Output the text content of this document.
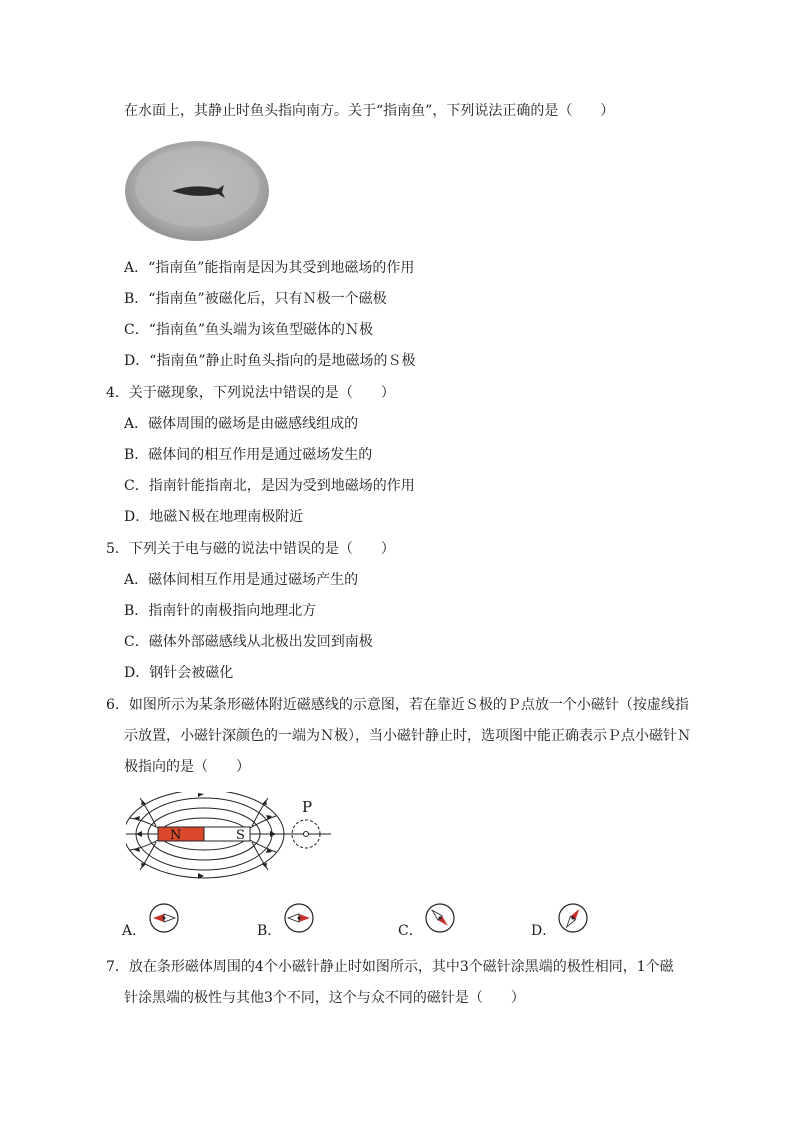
在水面上，其静止时鱼头指向南方。关于“指南鱼”，下列说法正确的是（　　）
A．“指南鱼”能指南是因为其受到地磁场的作用
B．“指南鱼”被磁化后，只有Ｎ极一个磁极
C．“指南鱼”鱼头端为该鱼型磁体的Ｎ极
D．“指南鱼”静止时鱼头指向的是地磁场的Ｓ极
4．关于磁现象，下列说法中错误的是（　　）
A．磁体周围的磁场是由磁感线组成的
B．磁体间的相互作用是通过磁场发生的
C．指南针能指南北，是因为受到地磁场的作用
D．地磁Ｎ极在地理南极附近
5．下列关于电与磁的说法中错误的是（　　）
A．磁体间相互作用是通过磁场产生的
B．指南针的南极指向地理北方
C．磁体外部磁感线从北极出发回到南极
D．钢针会被磁化
6．如图所示为某条形磁体附近磁感线的示意图，若在靠近Ｓ极的Ｐ点放一个小磁针（按虚线指
示放置，小磁针深颜色的一端为Ｎ极），当小磁针静止时，选项图中能正确表示Ｐ点小磁针Ｎ
极指向的是（　　）
N	S
P
A．	B．	C．	D．
7．放在条形磁体周围的4个小磁针静止时如图所示，其中3个磁针涂黑端的极性相同，1个磁
针涂黑端的极性与其他3个不同，这个与众不同的磁针是（　　）
